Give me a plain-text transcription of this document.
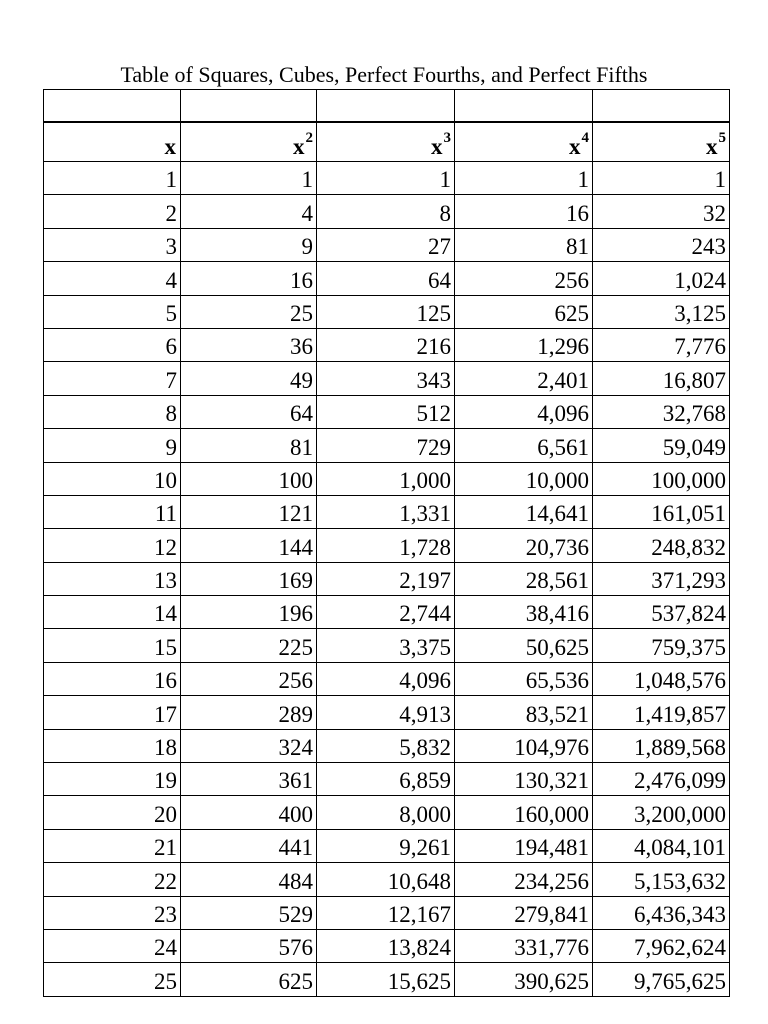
Table of Squares, Cubes, Perfect Fourths, and Perfect Fifths

x	$x^2$	$x^3$	$x^4$	$x^5$
1	1	1	1	1
2	4	8	16	32
3	9	27	81	243
4	16	64	256	1,024
5	25	125	625	3,125
6	36	216	1,296	7,776
7	49	343	2,401	16,807
8	64	512	4,096	32,768
9	81	729	6,561	59,049
10	100	1,000	10,000	100,000
11	121	1,331	14,641	161,051
12	144	1,728	20,736	248,832
13	169	2,197	28,561	371,293
14	196	2,744	38,416	537,824
15	225	3,375	50,625	759,375
16	256	4,096	65,536	1,048,576
17	289	4,913	83,521	1,419,857
18	324	5,832	104,976	1,889,568
19	361	6,859	130,321	2,476,099
20	400	8,000	160,000	3,200,000
21	441	9,261	194,481	4,084,101
22	484	10,648	234,256	5,153,632
23	529	12,167	279,841	6,436,343
24	576	13,824	331,776	7,962,624
25	625	15,625	390,625	9,765,625
